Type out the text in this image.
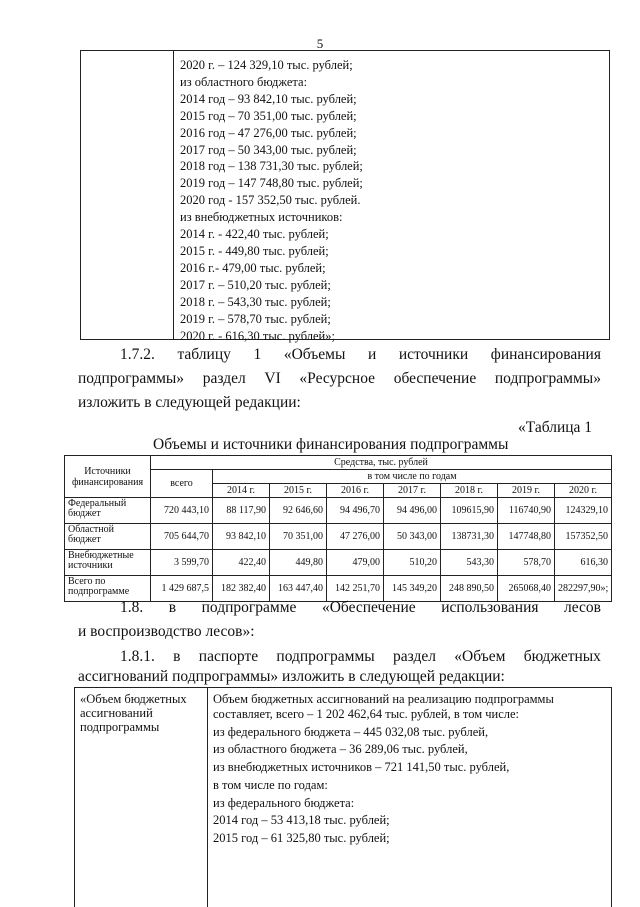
5
2020 г. – 124 329,10 тыс. рублей;
из областного бюджета:
2014 год – 93 842,10 тыс. рублей;
2015 год – 70 351,00 тыс. рублей;
2016 год – 47 276,00 тыс. рублей;
2017 год – 50 343,00 тыс. рублей;
2018 год – 138 731,30 тыс. рублей;
2019 год – 147 748,80 тыс. рублей;
2020 год - 157 352,50 тыс. рублей.
из внебюджетных источников:
2014 г. - 422,40 тыс. рублей;
2015 г. - 449,80 тыс. рублей;
2016 г.- 479,00 тыс. рублей;
2017 г. – 510,20 тыс. рублей;
2018 г. – 543,30 тыс. рублей;
2019 г. – 578,70 тыс. рублей;
2020 г. - 616,30 тыс. рублей»;
1.7.2. таблицу 1 «Объемы и источники финансирования
подпрограммы» раздел VI «Ресурсное обеспечение подпрограммы»
изложить в следующей редакции:
«Таблица 1
Объемы и источники финансирования подпрограммы
Источники финансирования	Средства, тыс. рублей							
	всего	в том числе по годам						
		2014 г.	2015 г.	2016 г.	2017 г.	2018 г.	2019 г.	2020 г.
Федеральный бюджет	720 443,10	88 117,90	92 646,60	94 496,70	94 496,00	109615,90	116740,90	124329,10
Областной бюджет	705 644,70	93 842,10	70 351,00	47 276,00	50 343,00	138731,30	147748,80	157352,50
Внебюджетные источники	3 599,70	422,40	449,80	479,00	510,20	543,30	578,70	616,30
Всего по подпрограмме	1 429 687,5	182 382,40	163 447,40	142 251,70	145 349,20	248 890,50	265068,40	282297,90»;
1.8. в подпрограмме «Обеспечение использования лесов
и воспроизводство лесов»:
1.8.1. в паспорте подпрограммы раздел «Объем бюджетных
ассигнований подпрограммы» изложить в следующей редакции:
«Объем бюджетных
ассигнований
подпрограммы
Объем бюджетных ассигнований на реализацию подпрограммы
составляет, всего – 1 202 462,64 тыс. рублей, в том числе:
из федерального бюджета – 445 032,08 тыс. рублей,
из областного бюджета – 36 289,06 тыс. рублей,
из внебюджетных источников – 721 141,50 тыс. рублей,
в том числе по годам:
из федерального бюджета:
2014 год – 53 413,18 тыс. рублей;
2015 год – 61 325,80 тыс. рублей;
